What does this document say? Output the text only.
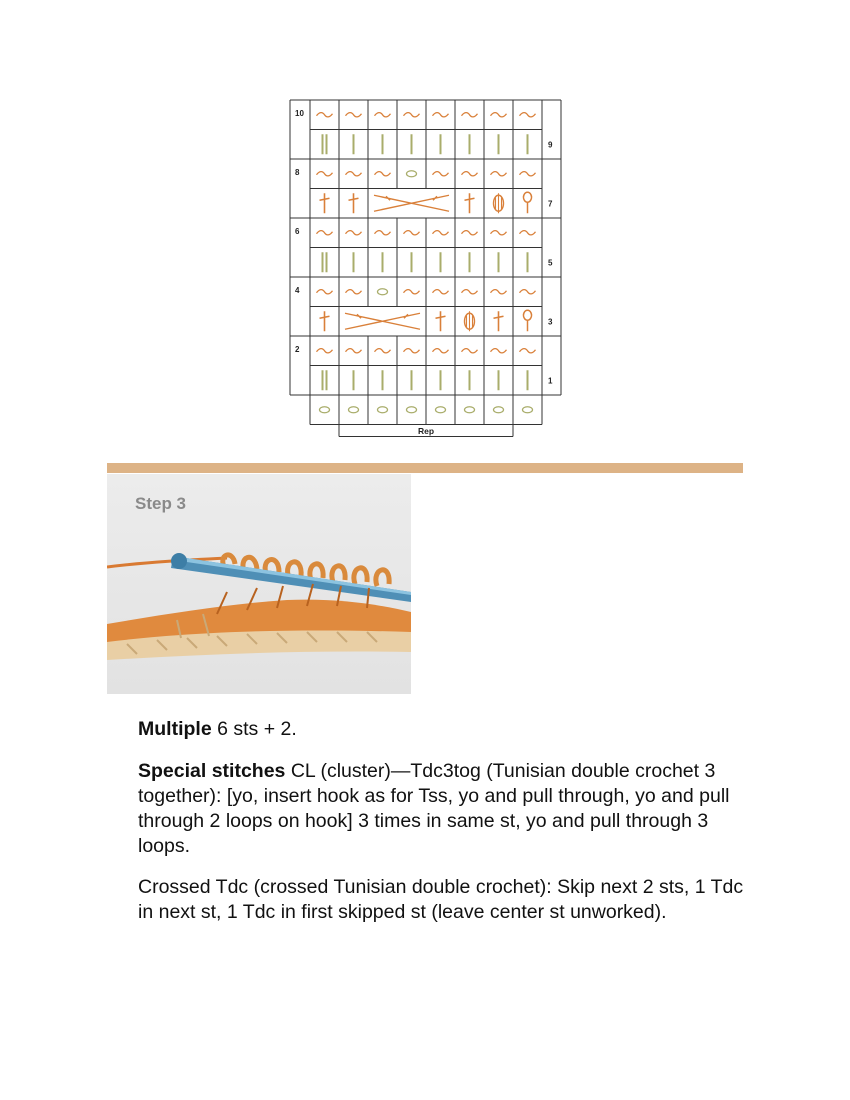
Rep
10
8
6
4
2
9
7
5
3
1
Step 3

Multiple 6 sts + 2.

Special stitches CL (cluster)—Tdc3tog (Tunisian double crochet 3 together): [yo, insert hook as for Tss, yo and pull through, yo and pull through 2 loops on hook] 3 times in same st, yo and pull through 3 loops.

Crossed Tdc (crossed Tunisian double crochet): Skip next 2 sts, 1 Tdc in next st, 1 Tdc in first skipped st (leave center st unworked).
